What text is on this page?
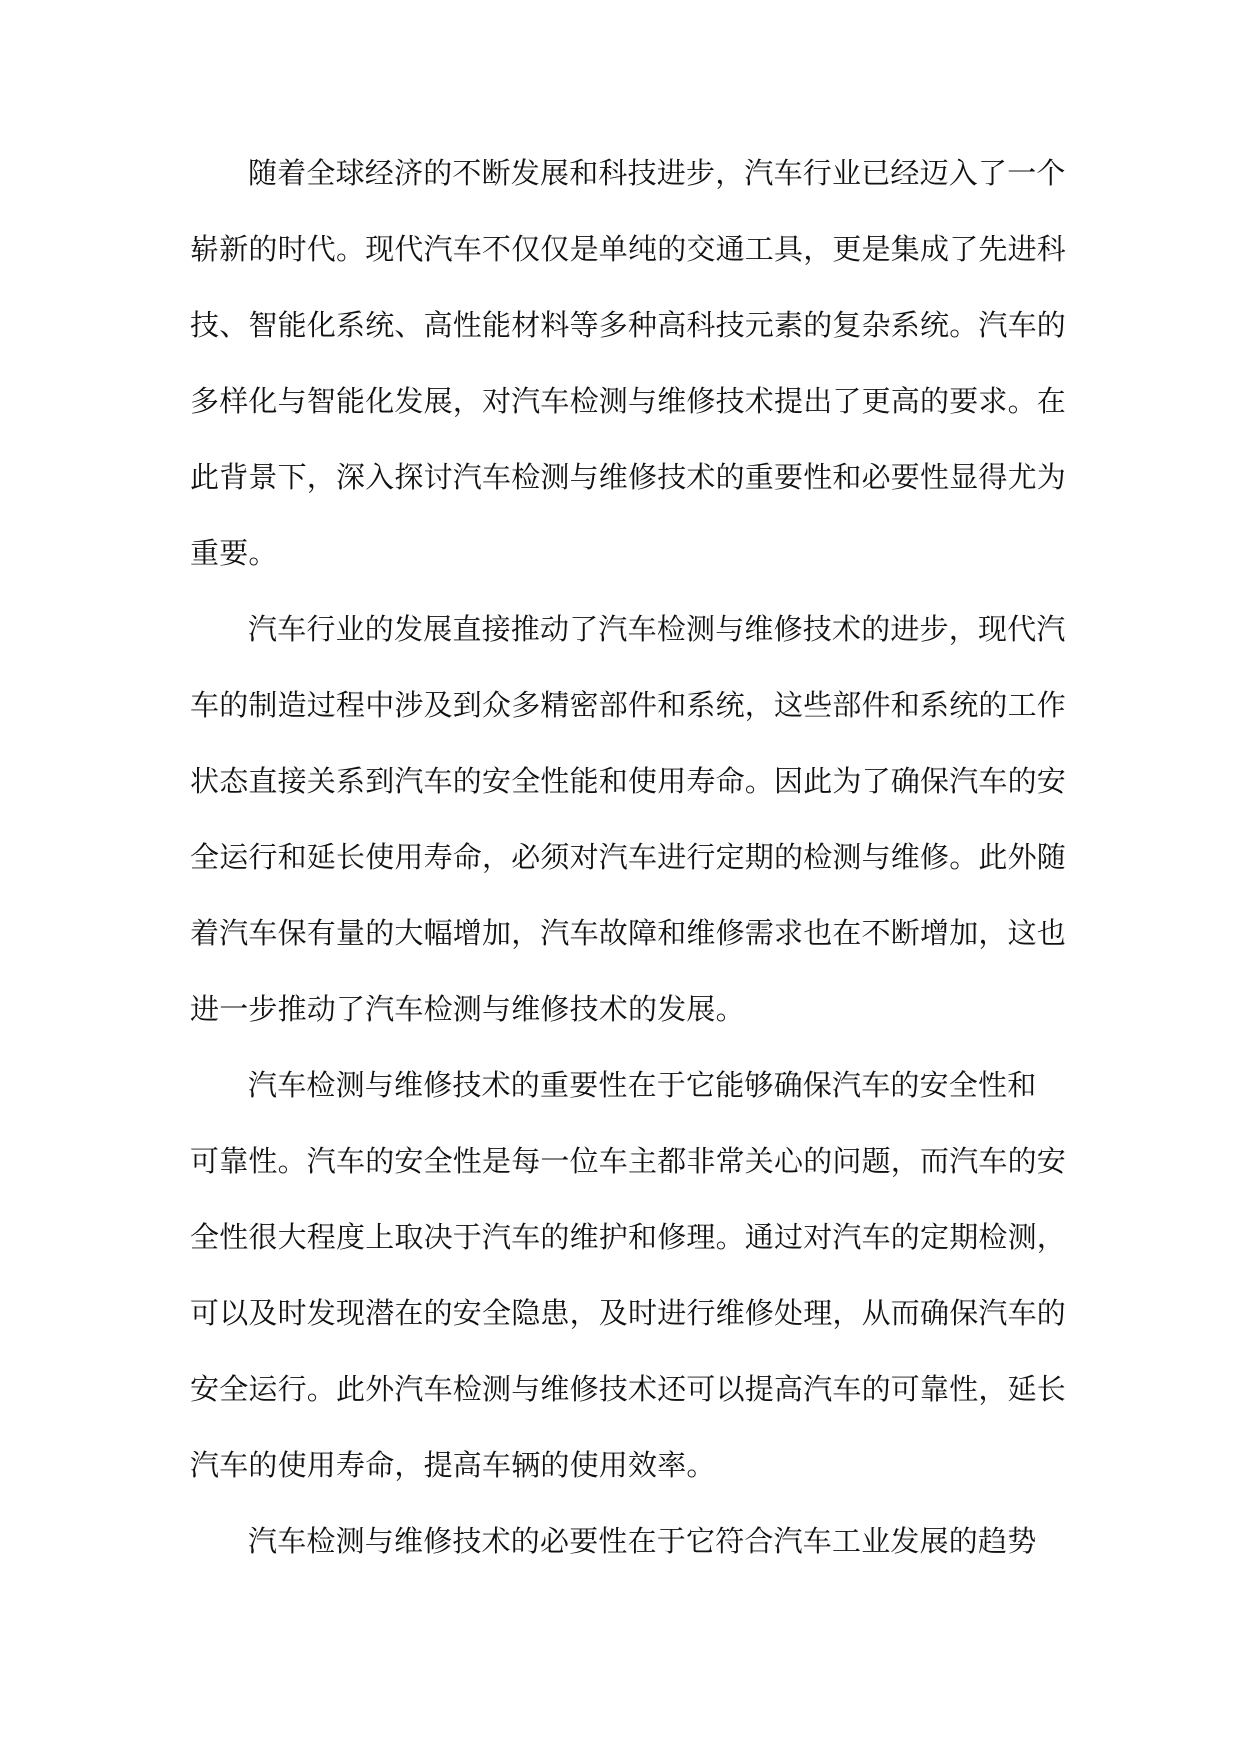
随着全球经济的不断发展和科技进步，汽车行业已经迈入了一个
崭新的时代。现代汽车不仅仅是单纯的交通工具，更是集成了先进科
技、智能化系统、高性能材料等多种高科技元素的复杂系统。汽车的
多样化与智能化发展，对汽车检测与维修技术提出了更高的要求。在
此背景下，深入探讨汽车检测与维修技术的重要性和必要性显得尤为
重要。
汽车行业的发展直接推动了汽车检测与维修技术的进步，现代汽
车的制造过程中涉及到众多精密部件和系统，这些部件和系统的工作
状态直接关系到汽车的安全性能和使用寿命。因此为了确保汽车的安
全运行和延长使用寿命，必须对汽车进行定期的检测与维修。此外随
着汽车保有量的大幅增加，汽车故障和维修需求也在不断增加，这也
进一步推动了汽车检测与维修技术的发展。
汽车检测与维修技术的重要性在于它能够确保汽车的安全性和
可靠性。汽车的安全性是每一位车主都非常关心的问题，而汽车的安
全性很大程度上取决于汽车的维护和修理。通过对汽车的定期检测，
可以及时发现潜在的安全隐患，及时进行维修处理，从而确保汽车的
安全运行。此外汽车检测与维修技术还可以提高汽车的可靠性，延长
汽车的使用寿命，提高车辆的使用效率。
汽车检测与维修技术的必要性在于它符合汽车工业发展的趋势
